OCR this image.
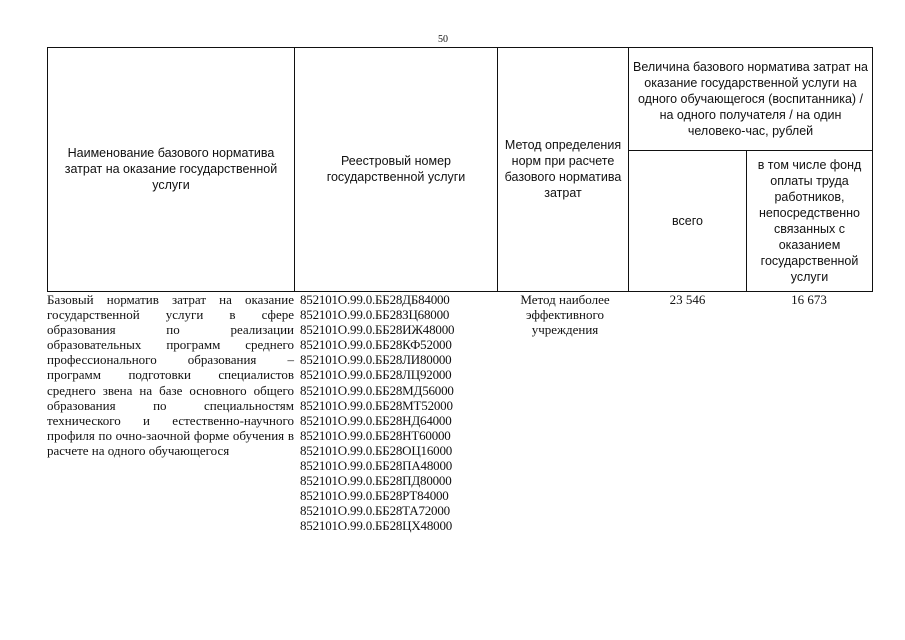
50
Наименование базового норматива затрат на оказание государственной услуги
Реестровый номер государственной услуги
Метод определения норм при расчете базового норматива затрат
Величина базового норматива затрат на оказание государственной услуги на одного обучающегося (воспитанника) / на одного получателя / на один человеко-час, рублей
всего
в том числе фонд оплаты труда работников, непосредственно связанных с оказанием государственной услуги
Базовый норматив затрат на оказание государственной услуги в сфере образования по реализации образовательных программ среднего профессионального образования – программ подготовки специалистов среднего звена на базе основного общего образования по специальностям технического и естественно-научного профиля по очно-заочной форме обучения в расчете на одного обучающегося
852101О.99.0.ББ28ДБ84000
852101О.99.0.ББ28ЗЦ68000
852101О.99.0.ББ28ИЖ48000
852101О.99.0.ББ28КФ52000
852101О.99.0.ББ28ЛИ80000
852101О.99.0.ББ28ЛЦ92000
852101О.99.0.ББ28МД56000
852101О.99.0.ББ28МТ52000
852101О.99.0.ББ28НД64000
852101О.99.0.ББ28НТ60000
852101О.99.0.ББ28ОЦ16000
852101О.99.0.ББ28ПА48000
852101О.99.0.ББ28ПД80000
852101О.99.0.ББ28РТ84000
852101О.99.0.ББ28ТА72000
852101О.99.0.ББ28ЦХ48000
Метод наиболее эффективного учреждения
23 546	16 673
